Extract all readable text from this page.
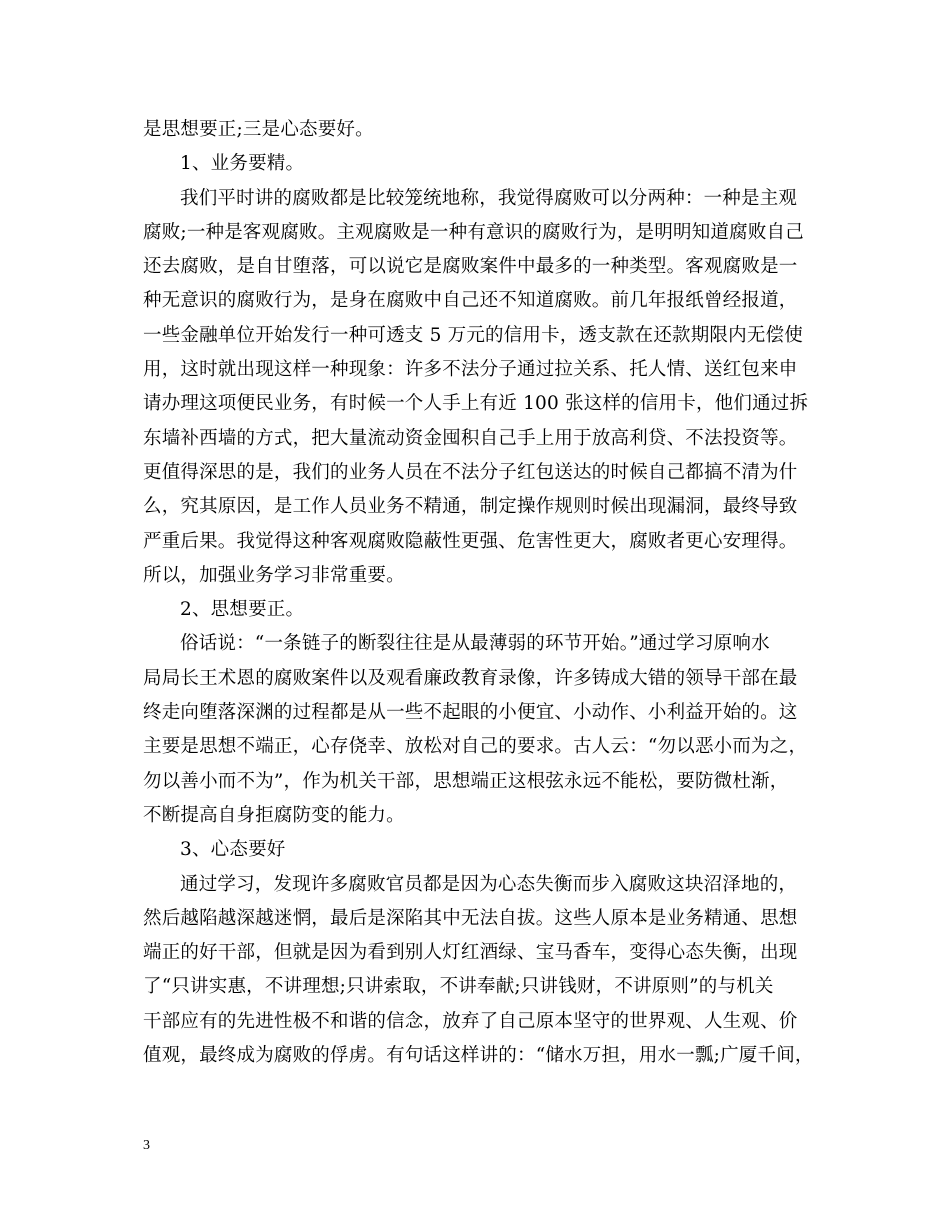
是思想要正;三是心态要好。
1、业务要精。
我们平时讲的腐败都是比较笼统地称，我觉得腐败可以分两种：一种是主观
腐败;一种是客观腐败。主观腐败是一种有意识的腐败行为，是明明知道腐败自己
还去腐败，是自甘堕落，可以说它是腐败案件中最多的一种类型。客观腐败是一
种无意识的腐败行为，是身在腐败中自己还不知道腐败。前几年报纸曾经报道，
一些金融单位开始发行一种可透支 5 万元的信用卡，透支款在还款期限内无偿使
用，这时就出现这样一种现象：许多不法分子通过拉关系、托人情、送红包来申
请办理这项便民业务，有时候一个人手上有近 100 张这样的信用卡，他们通过拆
东墙补西墙的方式，把大量流动资金囤积自己手上用于放高利贷、不法投资等。
更值得深思的是，我们的业务人员在不法分子红包送达的时候自己都搞不清为什
么，究其原因，是工作人员业务不精通，制定操作规则时候出现漏洞，最终导致
严重后果。我觉得这种客观腐败隐蔽性更强、危害性更大，腐败者更心安理得。
所以，加强业务学习非常重要。
2、思想要正。
俗话说：“一条链子的断裂往往是从最薄弱的环节开始。”通过学习原响水
局局长王术恩的腐败案件以及观看廉政教育录像，许多铸成大错的领导干部在最
终走向堕落深渊的过程都是从一些不起眼的小便宜、小动作、小利益开始的。这
主要是思想不端正，心存侥幸、放松对自己的要求。古人云：“勿以恶小而为之，
勿以善小而不为”，作为机关干部，思想端正这根弦永远不能松，要防微杜渐，
不断提高自身拒腐防变的能力。
3、心态要好
通过学习，发现许多腐败官员都是因为心态失衡而步入腐败这块沼泽地的，
然后越陷越深越迷惘，最后是深陷其中无法自拔。这些人原本是业务精通、思想
端正的好干部，但就是因为看到别人灯红酒绿、宝马香车，变得心态失衡，出现
了“只讲实惠，不讲理想;只讲索取，不讲奉献;只讲钱财，不讲原则”的与机关
干部应有的先进性极不和谐的信念，放弃了自己原本坚守的世界观、人生观、价
值观，最终成为腐败的俘虏。有句话这样讲的：“储水万担，用水一瓢;广厦千间，
3
